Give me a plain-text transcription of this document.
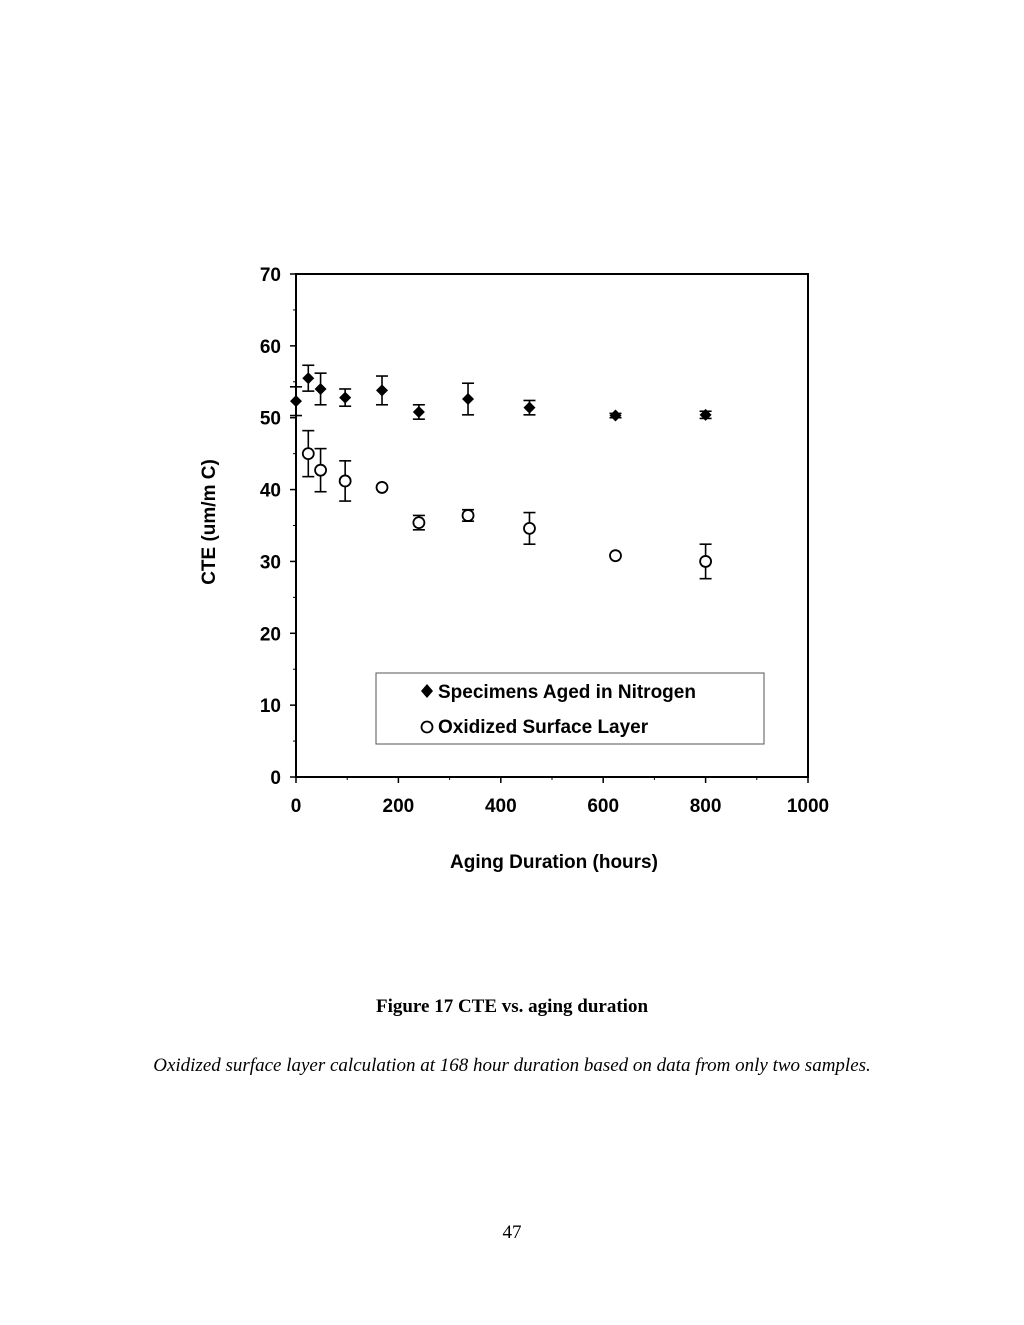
0
10
20
30
40
50
60
70
0	200	400	600	800	1000
Specimens Aged in Nitrogen
Oxidized Surface Layer
Aging Duration (hours)
CTE (um/m C)
Figure 17 CTE vs. aging duration
Oxidized surface layer calculation at 168 hour duration based on data from only two samples.
47
